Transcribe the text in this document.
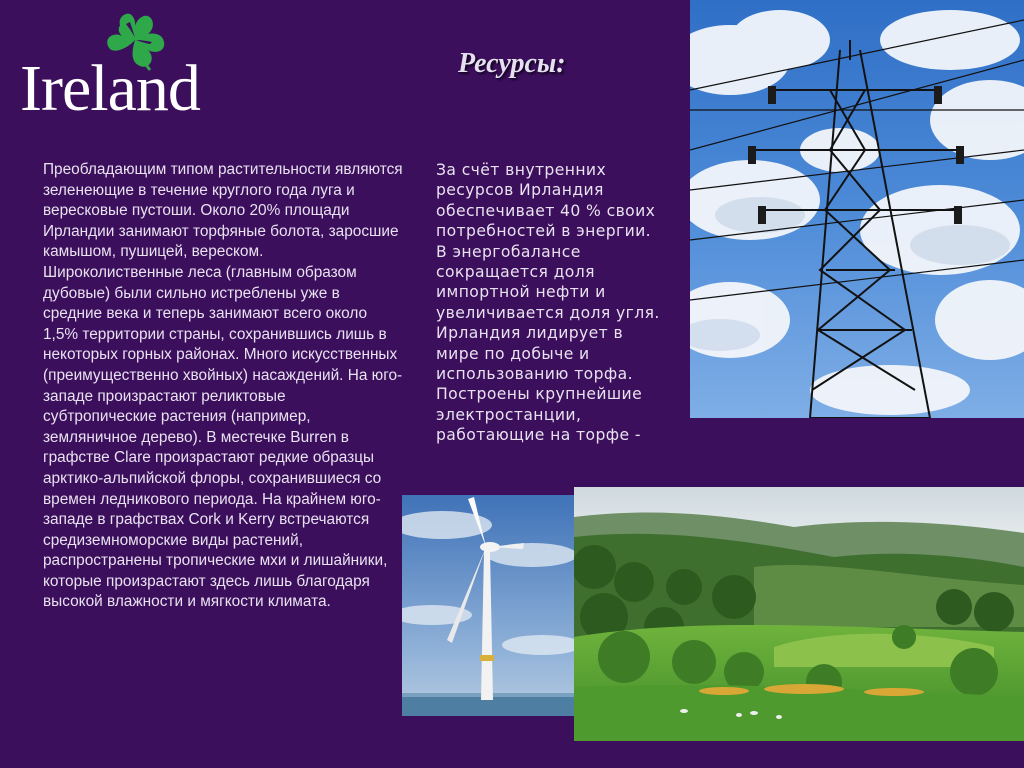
Ireland	Ресурсы:
Преобладающим типом растительности являются зеленеющие в течение круглого года луга и вересковые пустоши. Около 20% площади Ирландии занимают торфяные болота, заросшие камышом, пушицей, вереском. Широколиственные леса (главным образом дубовые) были сильно истреблены уже в средние века и теперь занимают всего около 1,5% территории страны, сохранившись лишь в некоторых горных районах. Много искусственных (преимущественно хвойных) насаждений. На юго-западе произрастают реликтовые субтропические растения (например, земляничное дерево). В местечке Burren в графстве Clare произрастают редкие образцы арктико-альпийской флоры, сохранившиеся со времен ледникового периода. На крайнем юго-западе в графствах Cork и Kerry встречаются средиземноморские виды растений, распространены тропические мхи и лишайники, которые произрастают здесь лишь благодаря высокой влажности и мягкости климата.
За счёт внутренних ресурсов Ирландия обеспечивает 40 % своих потребностей в энергии. В энергобалансе сокращается доля импортной нефти и увеличивается доля угля. Ирландия лидирует в мире по добыче и использованию торфа. Построены крупнейшие электростанции, работающие на торфе -
